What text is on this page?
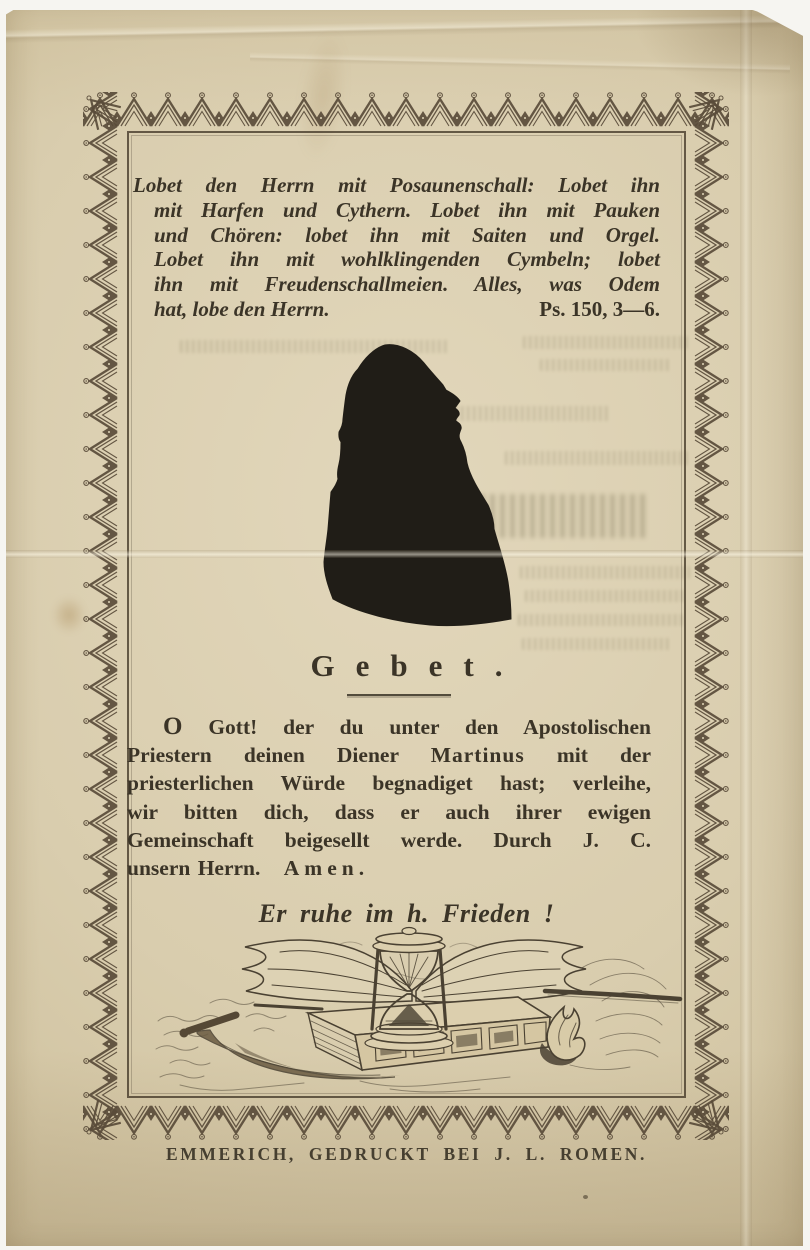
Lobet den Herrn mit Posaunenschall: Lobet ihn
mit Harfen und Cythern. Lobet ihn mit Pauken
und Chören: lobet ihn mit Saiten und Orgel.
Lobet ihn mit wohlklingenden Cymbeln; lobet
ihn mit Freudenschallmeien. Alles, was Odem
hat, lobe den Herrn.	Ps. 150, 3—6.
Gebet.
O Gott! der du unter den Apostolischen
Priestern deinen Diener Martinus mit der
priesterlichen Würde begnadiget hast; verleihe,
wir bitten dich, dass er auch ihrer ewigen
Gemeinschaft beigesellt werde. Durch J. C.
unsern Herrn. Amen.
Er ruhe im h. Frieden !
EMMERICH, GEDRUCKT BEI J. L. ROMEN.
